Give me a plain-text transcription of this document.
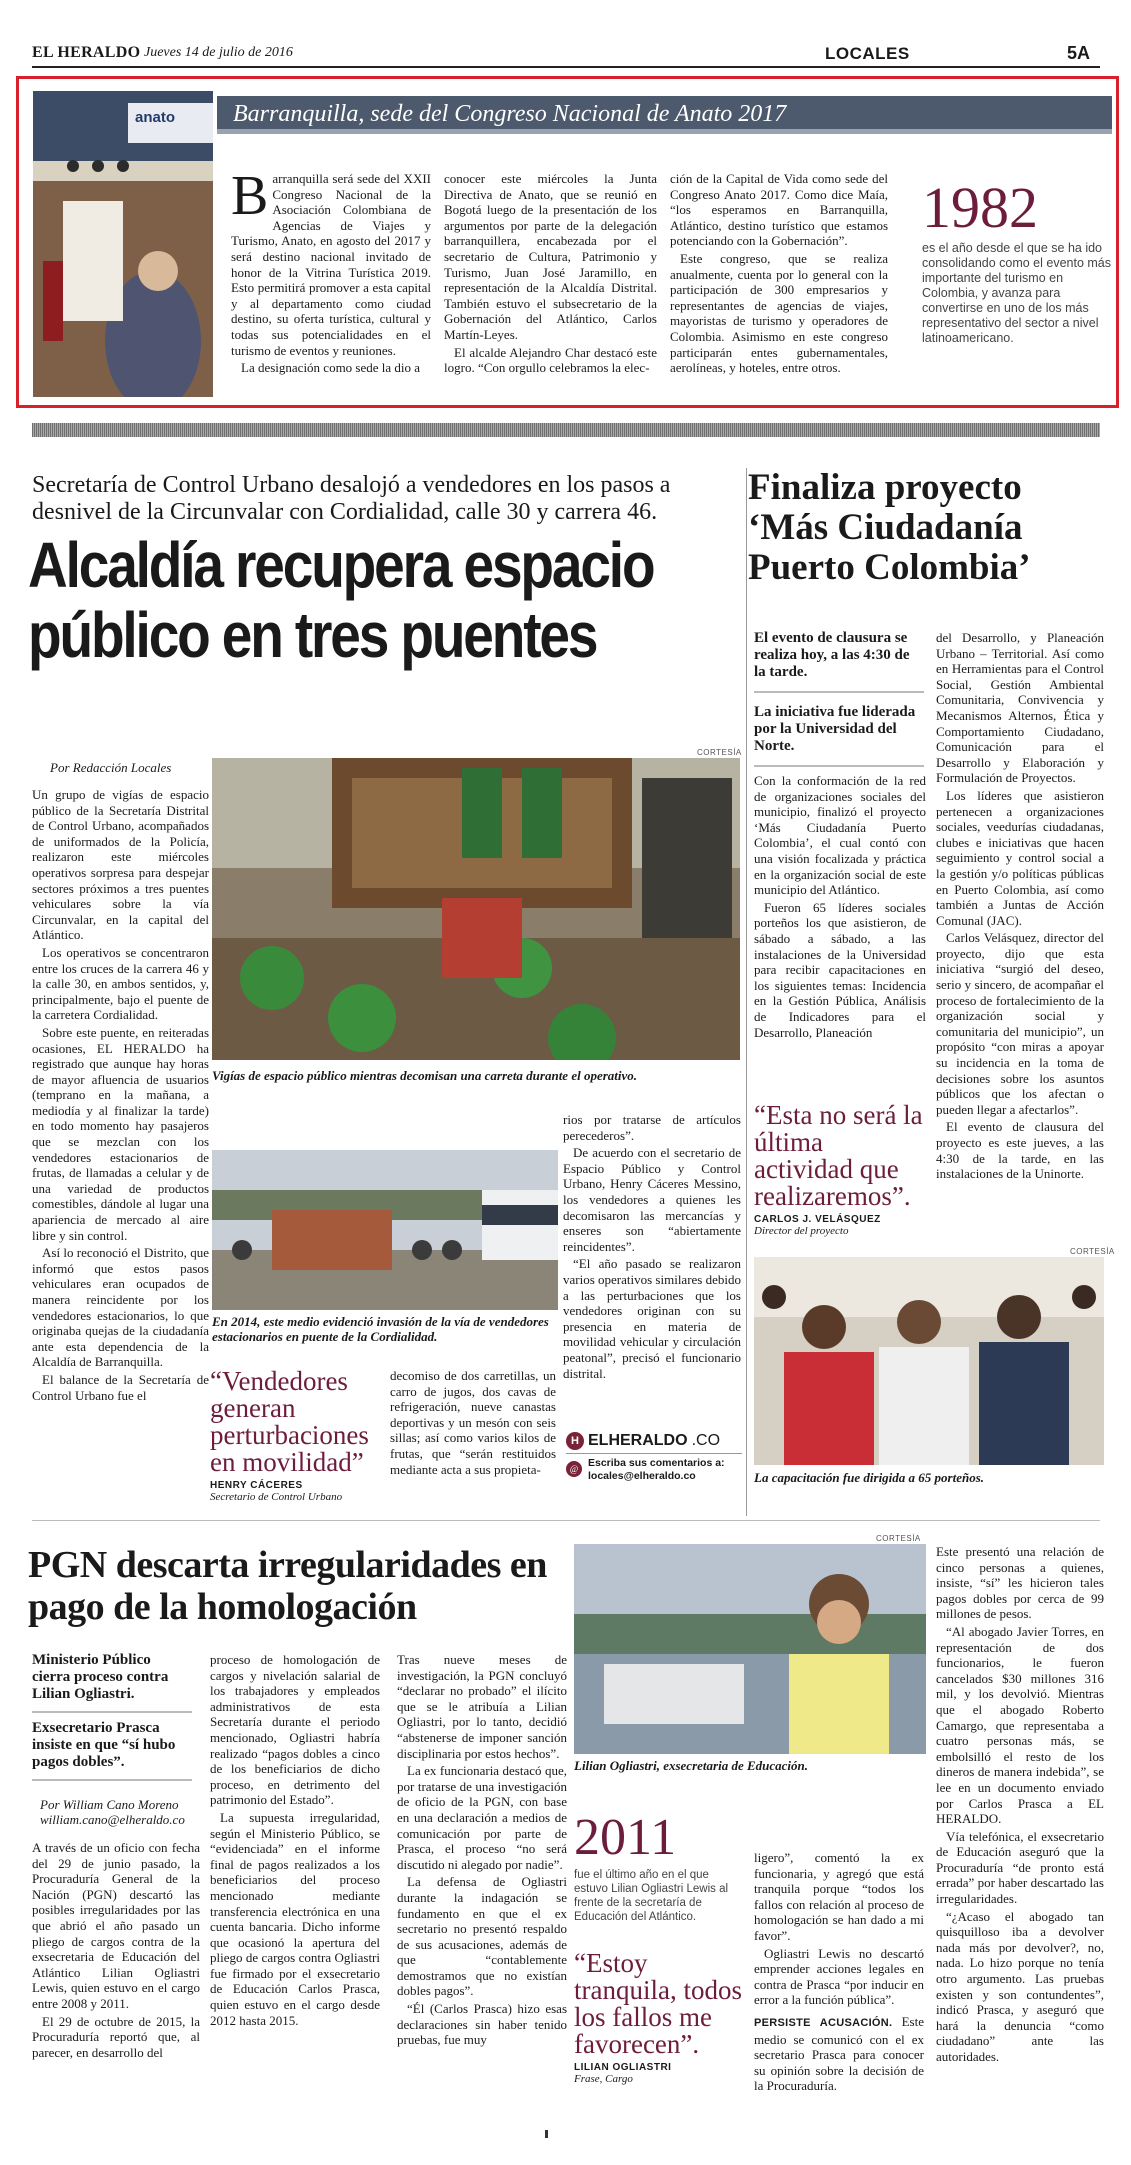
EL HERALDO Jueves 14 de julio de 2016	LOCALES	5A
anato	Barranquilla, sede del Congreso Nacional de Anato 2017

Barranquilla será sede del XXII Congreso Nacional de la Asociación Colombiana de Agencias de Viajes y Turismo, Anato, en agosto del 2017 y será destino nacional invitado de honor de la Vitrina Turística 2019. Esto permitirá promover a esta capital y al departamento como ciudad destino, su oferta turística, cultural y todas sus potencialidades en el turismo de eventos y reuniones.

La designación como sede la dio a

conocer este miércoles la Junta Directiva de Anato, que se reunió en Bogotá luego de la presentación de los argumentos por parte de la delegación barranquillera, encabezada por el secretario de Cultura, Patrimonio y Turismo, Juan José Jaramillo, en representación de la Alcaldía Distrital. También estuvo el subsecretario de la Gobernación del Atlántico, Carlos Martín-Leyes.

El alcalde Alejandro Char destacó este logro. “Con orgullo celebramos la elec-

ción de la Capital de Vida como sede del Congreso Anato 2017. Como dice Maía, “los esperamos en Barranquilla, Atlántico, destino turístico que estamos potenciando con la Gobernación”.

Este congreso, que se realiza anualmente, cuenta por lo general con la participación de 300 empresarios y representantes de agencias de viajes, mayoristas de turismo y operadores de Colombia. Asimismo en este congreso participarán entes gubernamentales, aerolíneas, y hoteles, entre otros.

1982
es el año desde el que se ha ido consolidando como el evento más importante del turismo en Colombia, y avanza para convertirse en uno de los más representativo del sector a nivel latinoamericano.
Secretaría de Control Urbano desalojó a vendedores en los pasos a desnivel de la Circunvalar con Cordialidad, calle 30 y carrera 46.
Alcaldía recupera espacio
público en tres puentes
Por Redacción Locales
CORTESÍA
Vigías de espacio público mientras decomisan una carreta durante el operativo.
En 2014, este medio evidenció invasión de la vía de vendedores estacionarios en puente de la Cordialidad.

Un grupo de vigías de espacio público de la Secretaría Distrital de Control Urbano, acompañados de uniformados de la Policía, realizaron este miércoles operativos sorpresa para despejar sectores próximos a tres puentes vehiculares sobre la vía Circunvalar, en la capital del Atlántico.

Los operativos se concentraron entre los cruces de la carrera 46 y la calle 30, en ambos sentidos, y, principalmente, bajo el puente de la carretera Cordialidad.

Sobre este puente, en reiteradas ocasiones, EL HERALDO ha registrado que aunque hay horas de mayor afluencia de usuarios (temprano en la mañana, a mediodía y al finalizar la tarde) en todo momento hay pasajeros que se mezclan con los vendedores estacionarios de frutas, de llamadas a celular y de una variedad de productos comestibles, dándole al lugar una apariencia de mercado al aire libre y sin control.

Así lo reconoció el Distrito, que informó que estos pasos vehiculares eran ocupados de manera reincidente por los vendedores estacionarios, lo que originaba quejas de la ciudadanía ante esta dependencia de la Alcaldía de Barranquilla.

El balance de la Secretaría de Control Urbano fue el

rios por tratarse de artículos perecederos”.

De acuerdo con el secretario de Espacio Público y Control Urbano, Henry Cáceres Messino, los vendedores a quienes les decomisaron las mercancías y enseres son “abiertamente reincidentes”.

“El año pasado se realizaron varios operativos similares debido a las perturbaciones que los vendedores originan con su presencia en materia de movilidad vehicular y circulación peatonal”, precisó el funcionario distrital.

“Vendedores generan perturbaciones en movilidad”
HENRY CÁCERES
Secretario de Control Urbano

decomiso de dos carretillas, un carro de jugos, dos cavas de refrigeración, nueve canastas deportivas y un mesón con seis sillas; así como varios kilos de frutas, que “serán restituidos mediante acta a sus propieta-

H ELHERALDO .CO
@ Escriba sus comentarios a: locales@elheraldo.co
Finaliza proyecto ‘Más Ciudadanía Puerto Colombia’
El evento de clausura se realiza hoy, a las 4:30 de la tarde.
La iniciativa fue liderada por la Universidad del Norte.

Con la conformación de la red de organizaciones sociales del municipio, finalizó el proyecto ‘Más Ciudadanía Puerto Colombia’, el cual contó con una visión focalizada y práctica en la organización social de este municipio del Atlántico.

Fueron 65 líderes sociales porteños los que asistieron, de sábado a sábado, a las instalaciones de la Universidad para recibir capacitaciones en los siguientes temas: Incidencia en la Gestión Pública, Análisis de Indicadores para el Desarrollo, Planeación

“Esta no será la última actividad que realizaremos”.
CARLOS J. VELÁSQUEZ
Director del proyecto

del Desarrollo, y Planeación Urbano – Territorial. Así como en Herramientas para el Control Social, Gestión Ambiental Comunitaria, Convivencia y Mecanismos Alternos, Ética y Comportamiento Ciudadano, Comunicación para el Desarrollo y Elaboración y Formulación de Proyectos.

Los líderes que asistieron pertenecen a organizaciones sociales, veedurías ciudadanas, clubes e iniciativas que hacen seguimiento y control social a la gestión y/o políticas públicas en Puerto Colombia, así como también a Juntas de Acción Comunal (JAC).

Carlos Velásquez, director del proyecto, dijo que esta iniciativa “surgió del deseo, serio y sincero, de acompañar el proceso de fortalecimiento de la organización social y comunitaria del municipio”, un propósito “con miras a apoyar su incidencia en la toma de decisiones sobre los asuntos públicos que los afectan o pueden llegar a afectarlos”.

El evento de clausura del proyecto es este jueves, a las 4:30 de la tarde, en las instalaciones de la Uninorte.

CORTESÍA
La capacitación fue dirigida a 65 porteños.
PGN descarta irregularidades en pago de la homologación
Ministerio Público cierra proceso contra Lilian Ogliastri.
Exsecretario Prasca insiste en que “sí hubo pagos dobles”.
Por William Cano Moreno
william.cano@elheraldo.co

A través de un oficio con fecha del 29 de junio pasado, la Procuraduría General de la Nación (PGN) descartó las posibles irregularidades por las que abrió el año pasado un pliego de cargos contra de la exsecretaria de Educación del Atlántico Lilian Ogliastri Lewis, quien estuvo en el cargo entre 2008 y 2011.

El 29 de octubre de 2015, la Procuraduría reportó que, al parecer, en desarrollo del

proceso de homologación de cargos y nivelación salarial de los trabajadores y empleados administrativos de esta Secretaría durante el periodo mencionado, Ogliastri habría realizado “pagos dobles a cinco de los beneficiarios de dicho proceso, en detrimento del patrimonio del Estado”.

La supuesta irregularidad, según el Ministerio Público, se “evidenciada” en el informe final de pagos realizados a los beneficiarios del proceso mencionado mediante transferencia electrónica en una cuenta bancaria. Dicho informe que ocasionó la apertura del pliego de cargos contra Ogliastri fue firmado por el exsecretario de Educación Carlos Prasca, quien estuvo en el cargo desde 2012 hasta 2015.

Tras nueve meses de investigación, la PGN concluyó “declarar no probado” el ilícito que se le atribuía a Lilian Ogliastri, por lo tanto, decidió “abstenerse de imponer sanción disciplinaria por estos hechos”.

La ex funcionaria destacó que, por tratarse de una investigación de oficio de la PGN, con base en una declaración a medios de comunicación por parte de Prasca, el proceso “no será discutido ni alegado por nadie”.

La defensa de Ogliastri durante la indagación se fundamento en que el ex secretario no presentó respaldo de sus acusaciones, además de que “contablemente demostramos que no existían dobles pagos”.

“Él (Carlos Prasca) hizo esas declaraciones sin haber tenido pruebas, fue muy

CORTESÍA
Lilian Ogliastri, exsecretaria de Educación.
2011
fue el último año en el que estuvo Lilian Ogliastri Lewis al frente de la secretaría de Educación del Atlántico.
“Estoy tranquila, todos los fallos me favorecen”.
LILIAN OGLIASTRI
Frase, Cargo

ligero”, comentó la ex funcionaria, y agregó que está tranquila porque “todos los fallos con relación al proceso de homologación se han dado a mi favor”.

Ogliastri Lewis no descartó emprender acciones legales en contra de Prasca “por inducir en error a la función pública”.

PERSISTE ACUSACIÓN. Este medio se comunicó con el ex secretario Prasca para conocer su opinión sobre la decisión de la Procuraduría.

Este presentó una relación de cinco personas a quienes, insiste, “sí” les hicieron tales pagos dobles por cerca de 99 millones de pesos.

“Al abogado Javier Torres, en representación de dos funcionarios, le fueron cancelados $30 millones 316 mil, y los devolvió. Mientras que el abogado Roberto Camargo, que representaba a cuatro personas más, se embolsilló el resto de los dineros de manera indebida”, se lee en un documento enviado por Carlos Prasca a EL HERALDO.

Vía telefónica, el exsecretario de Educación aseguró que la Procuraduría “de pronto está errada” por haber descartado las irregularidades.

“¿Acaso el abogado tan quisquilloso iba a devolver nada más por devolver?, no, nada. Lo hizo porque no tenía otro argumento. Las pruebas existen y son contundentes”, indicó Prasca, y aseguró que hará la denuncia “como ciudadano” ante las autoridades.
